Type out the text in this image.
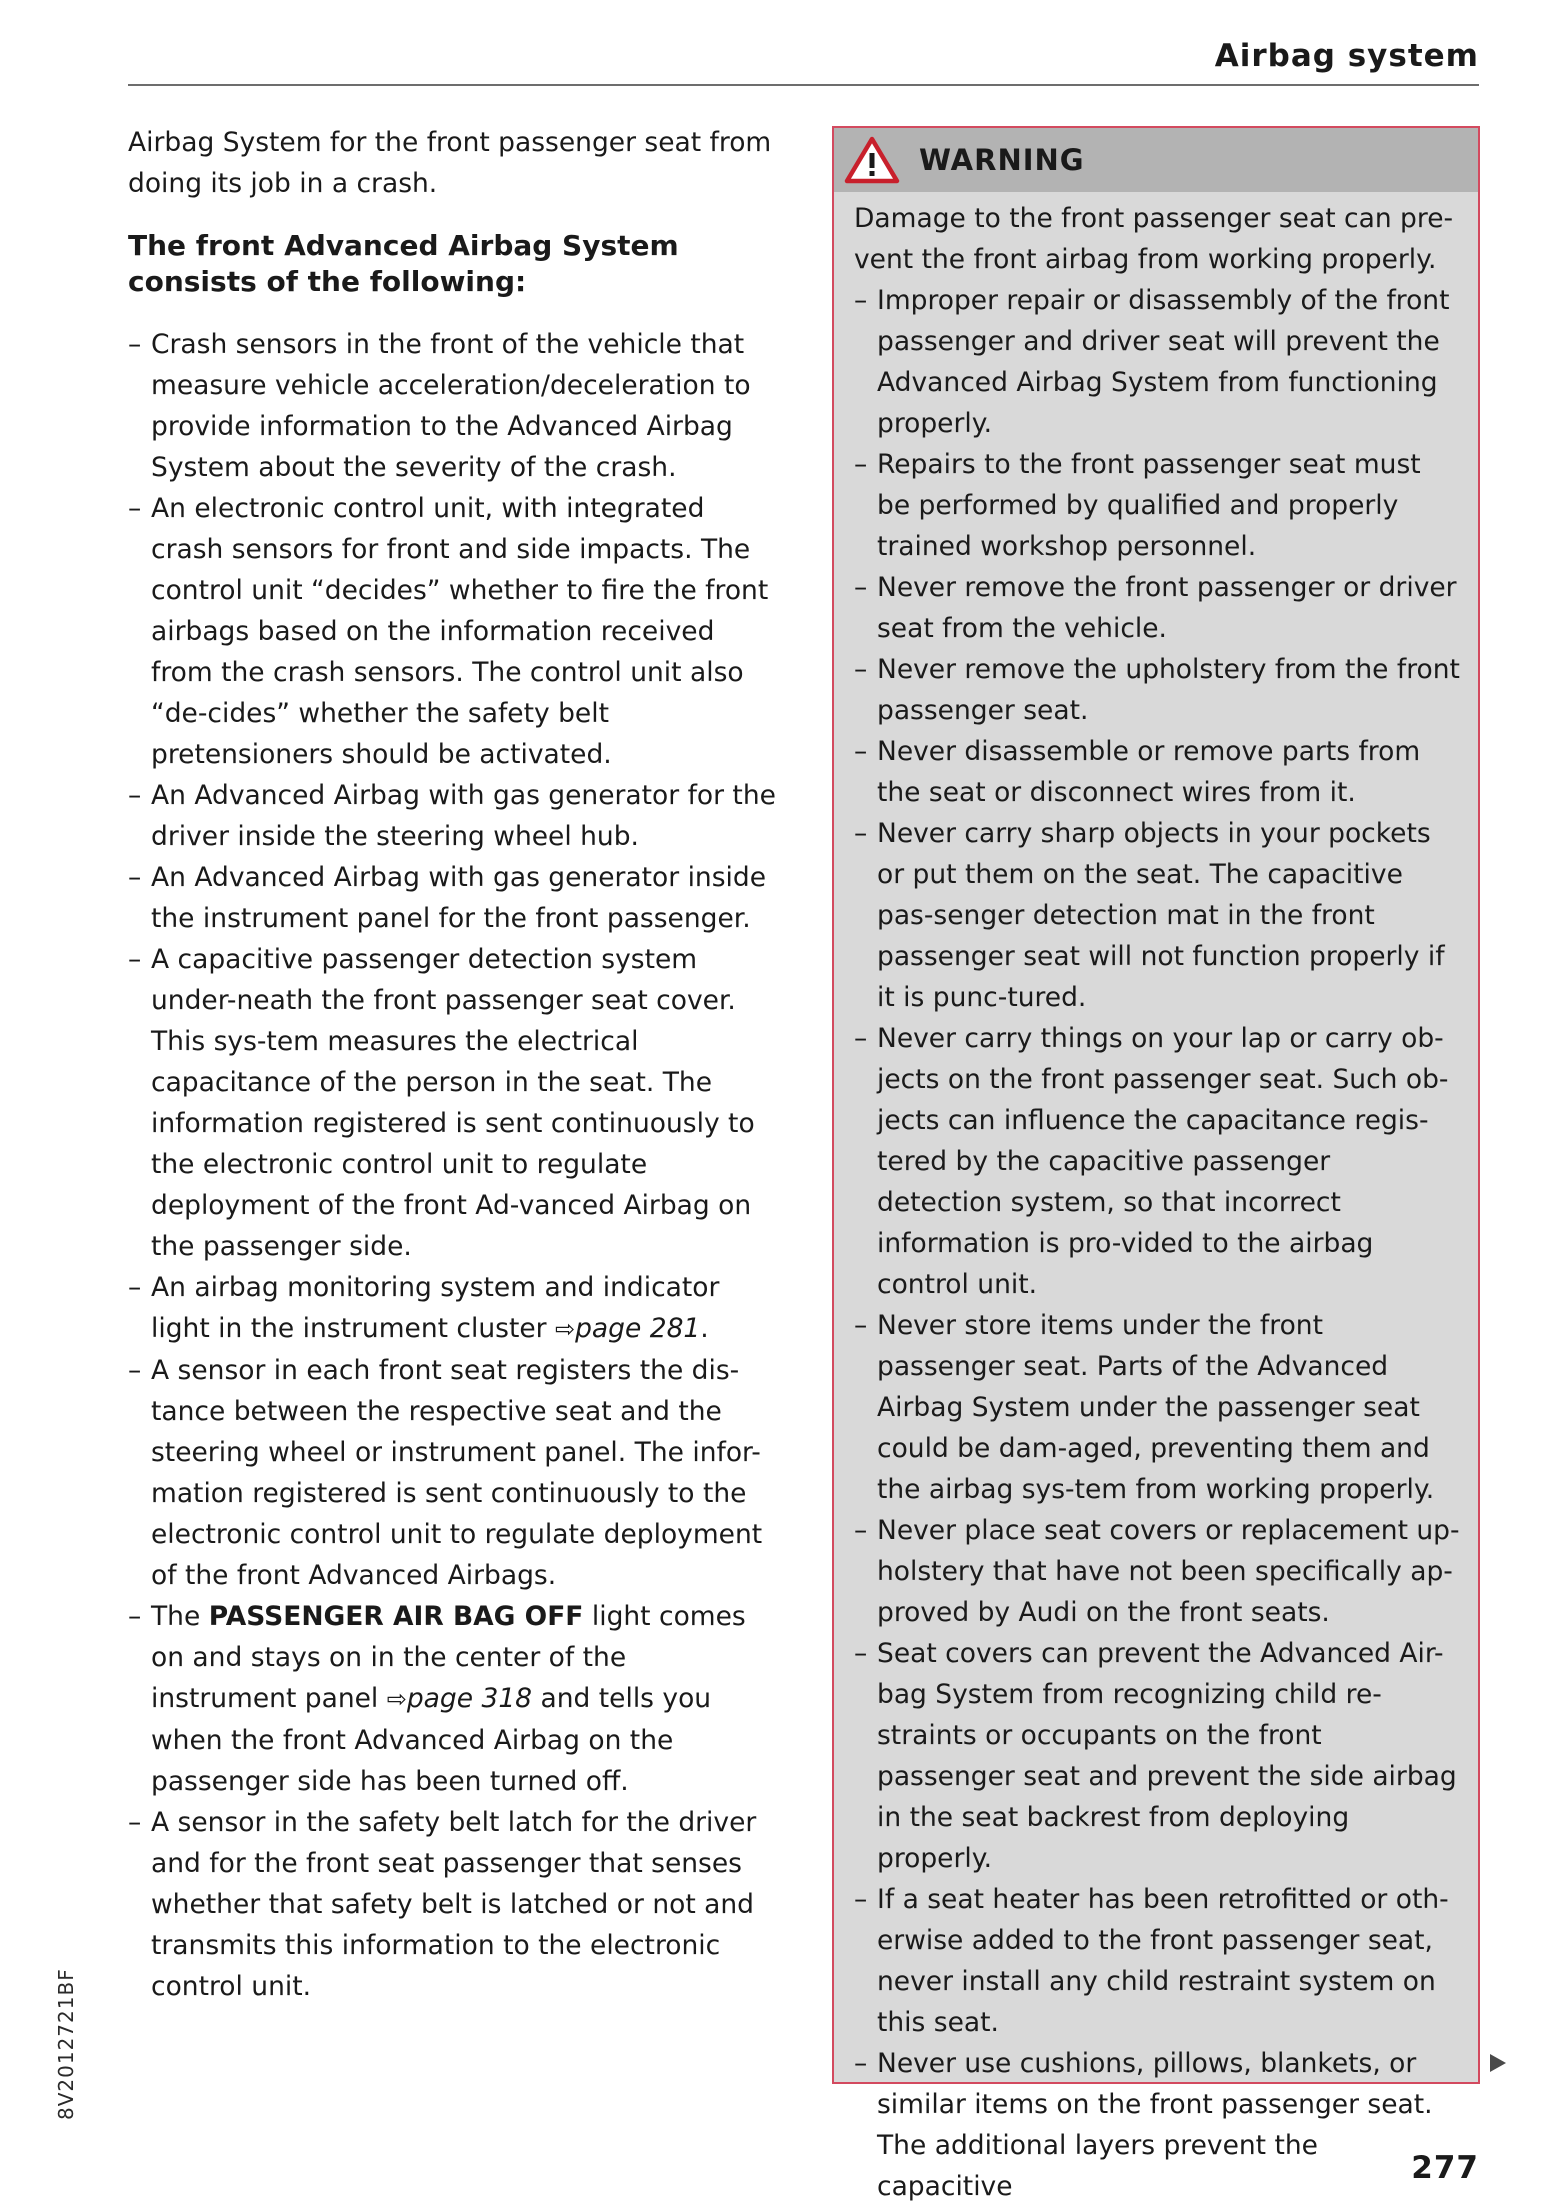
Airbag system

Airbag System for the front passenger seat from doing its job in a crash.

The front Advanced Airbag System consists of the following:
– Crash sensors in the front of the vehicle that measure vehicle acceleration/deceleration to provide information to the Advanced Airbag System about the severity of the crash.
– An electronic control unit, with integrated crash sensors for front and side impacts. The control unit “decides” whether to fire the front airbags based on the information received from the crash sensors. The control unit also “de-cides” whether the safety belt pretensioners should be activated.
– An Advanced Airbag with gas generator for the driver inside the steering wheel hub.
– An Advanced Airbag with gas generator inside the instrument panel for the front passenger.
– A capacitive passenger detection system under-neath the front passenger seat cover. This sys-tem measures the electrical capacitance of the person in the seat. The information registered is sent continuously to the electronic control unit to regulate deployment of the front Ad-vanced Airbag on the passenger side.
– An airbag monitoring system and indicator light in the instrument cluster ⇨page 281.
– A sensor in each front seat registers the dis-tance between the respective seat and the steering wheel or instrument panel. The infor-mation registered is sent continuously to the electronic control unit to regulate deployment of the front Advanced Airbags.
– The PASSENGER AIR BAG OFF light comes on and stays on in the center of the instrument panel ⇨page 318 and tells you when the front Advanced Airbag on the passenger side has been turned off.
– A sensor in the safety belt latch for the driver and for the front seat passenger that senses whether that safety belt is latched or not and transmits this information to the electronic control unit.
WARNING

Damage to the front passenger seat can pre-vent the front airbag from working properly.

– Improper repair or disassembly of the front passenger and driver seat will prevent the Advanced Airbag System from functioning properly.
– Repairs to the front passenger seat must be performed by qualified and properly trained workshop personnel.
– Never remove the front passenger or driver seat from the vehicle.
– Never remove the upholstery from the front passenger seat.
– Never disassemble or remove parts from the seat or disconnect wires from it.
– Never carry sharp objects in your pockets or put them on the seat. The capacitive pas-senger detection mat in the front passenger seat will not function properly if it is punc-tured.
– Never carry things on your lap or carry ob-jects on the front passenger seat. Such ob-jects can influence the capacitance regis-tered by the capacitive passenger detection system, so that incorrect information is pro-vided to the airbag control unit.
– Never store items under the front passenger seat. Parts of the Advanced Airbag System under the passenger seat could be dam-aged, preventing them and the airbag sys-tem from working properly.
– Never place seat covers or replacement up-holstery that have not been specifically ap-proved by Audi on the front seats.
– Seat covers can prevent the Advanced Air-bag System from recognizing child re-straints or occupants on the front passenger seat and prevent the side airbag in the seat backrest from deploying properly.
– If a seat heater has been retrofitted or oth-erwise added to the front passenger seat, never install any child restraint system on this seat.
– Never use cushions, pillows, blankets, or similar items on the front passenger seat. The additional layers prevent the capacitive
8V2012721BF
277
